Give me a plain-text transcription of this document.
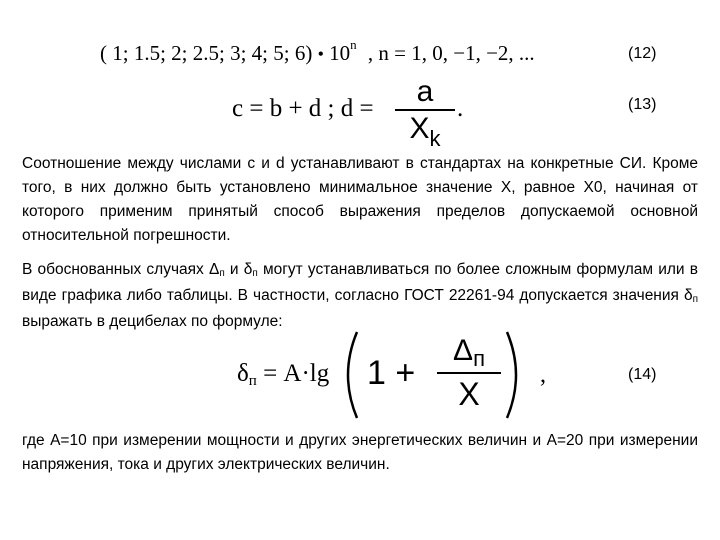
( 1; 1.5; 2; 2.5; 3; 4; 5; 6) • 10$^n$ , n = 1, 0, −1, −2, ...	(12)
c = b + d ; d =
a
$X_k$
.	(13)

Соотношение между числами с и d устанавливают в стандартах на конкретные СИ. Кроме того, в них должно быть установлено минимальное значение Х, равное Х0, начиная от которого применим принятый способ выражения пределов допускаемой основной относительной погрешности.

В обоснованных случаях Δп и δп могут устанавливаться по более сложным формулам или в виде графика либо таблицы. В частности, согласно ГОСТ 22261-94 допускается значения δп выражать в децибелах по формуле:

δп = A·lg 1 +
$\Delta_п$
X
,	(14)

где А=10 при измерении мощности и других энергетических величин и А=20 при измерении напряжения, тока и других электрических величин.
